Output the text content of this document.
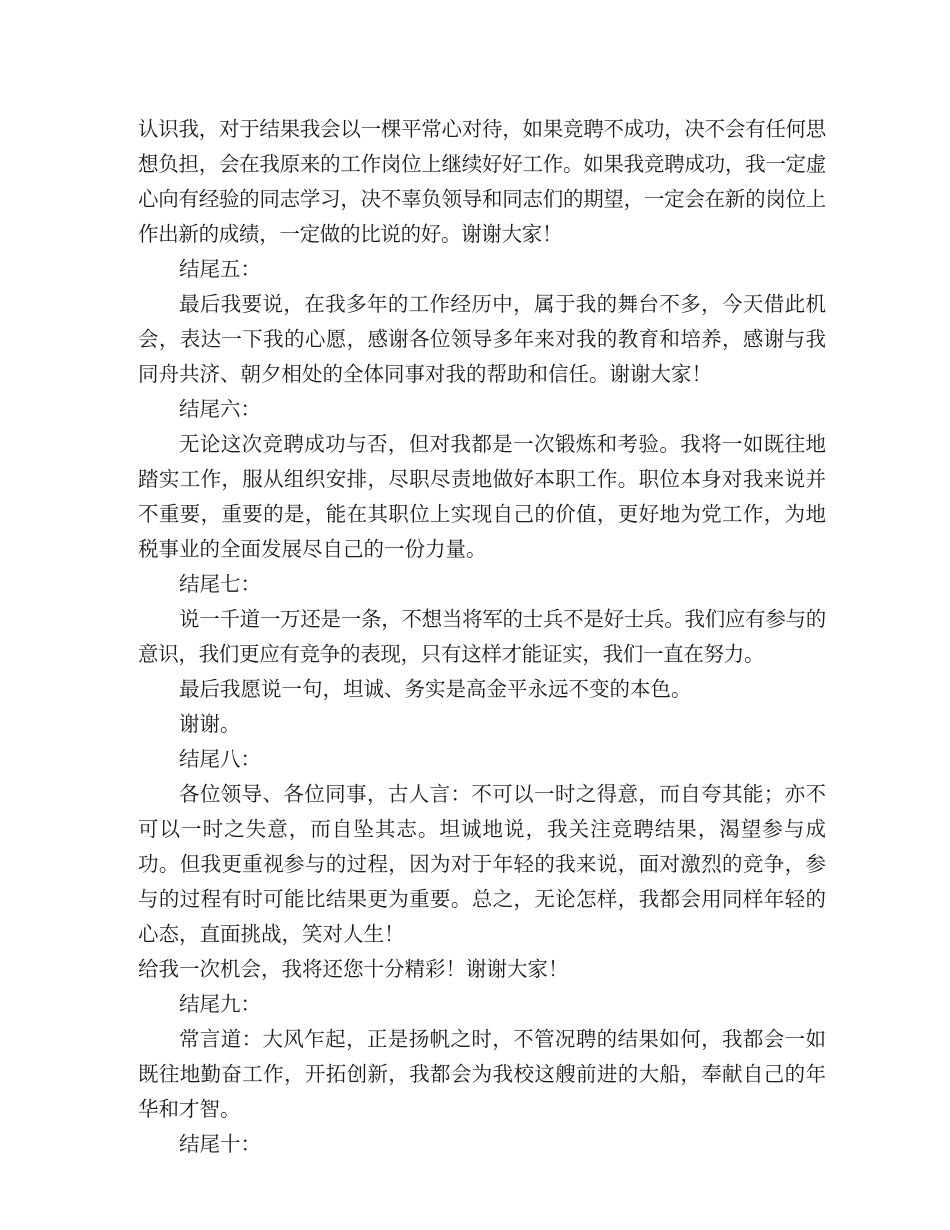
认识我，对于结果我会以一棵平常心对待，如果竞聘不成功，决不会有任何思想负担，会在我原来的工作岗位上继续好好工作。如果我竞聘成功，我一定虚心向有经验的同志学习，决不辜负领导和同志们的期望，一定会在新的岗位上作出新的成绩，一定做的比说的好。谢谢大家！

结尾五：

最后我要说，在我多年的工作经历中，属于我的舞台不多，今天借此机会，表达一下我的心愿，感谢各位领导多年来对我的教育和培养，感谢与我同舟共济、朝夕相处的全体同事对我的帮助和信任。谢谢大家！

结尾六：

无论这次竞聘成功与否，但对我都是一次锻炼和考验。我将一如既往地踏实工作，服从组织安排，尽职尽责地做好本职工作。职位本身对我来说并不重要，重要的是，能在其职位上实现自己的价值，更好地为党工作，为地税事业的全面发展尽自己的一份力量。

结尾七：

说一千道一万还是一条，不想当将军的士兵不是好士兵。我们应有参与的意识，我们更应有竞争的表现，只有这样才能证实，我们一直在努力。

最后我愿说一句，坦诚、务实是高金平永远不变的本色。

谢谢。

结尾八：

各位领导、各位同事，古人言：不可以一时之得意，而自夸其能；亦不可以一时之失意，而自坠其志。坦诚地说，我关注竞聘结果，渴望参与成功。但我更重视参与的过程，因为对于年轻的我来说，面对激烈的竞争，参与的过程有时可能比结果更为重要。总之，无论怎样，我都会用同样年轻的心态，直面挑战，笑对人生！

给我一次机会，我将还您十分精彩！谢谢大家！

结尾九：

常言道：大风乍起，正是扬帆之时，不管况聘的结果如何，我都会一如既往地勤奋工作，开拓创新，我都会为我校这艘前进的大船，奉献自己的年华和才智。

结尾十：
